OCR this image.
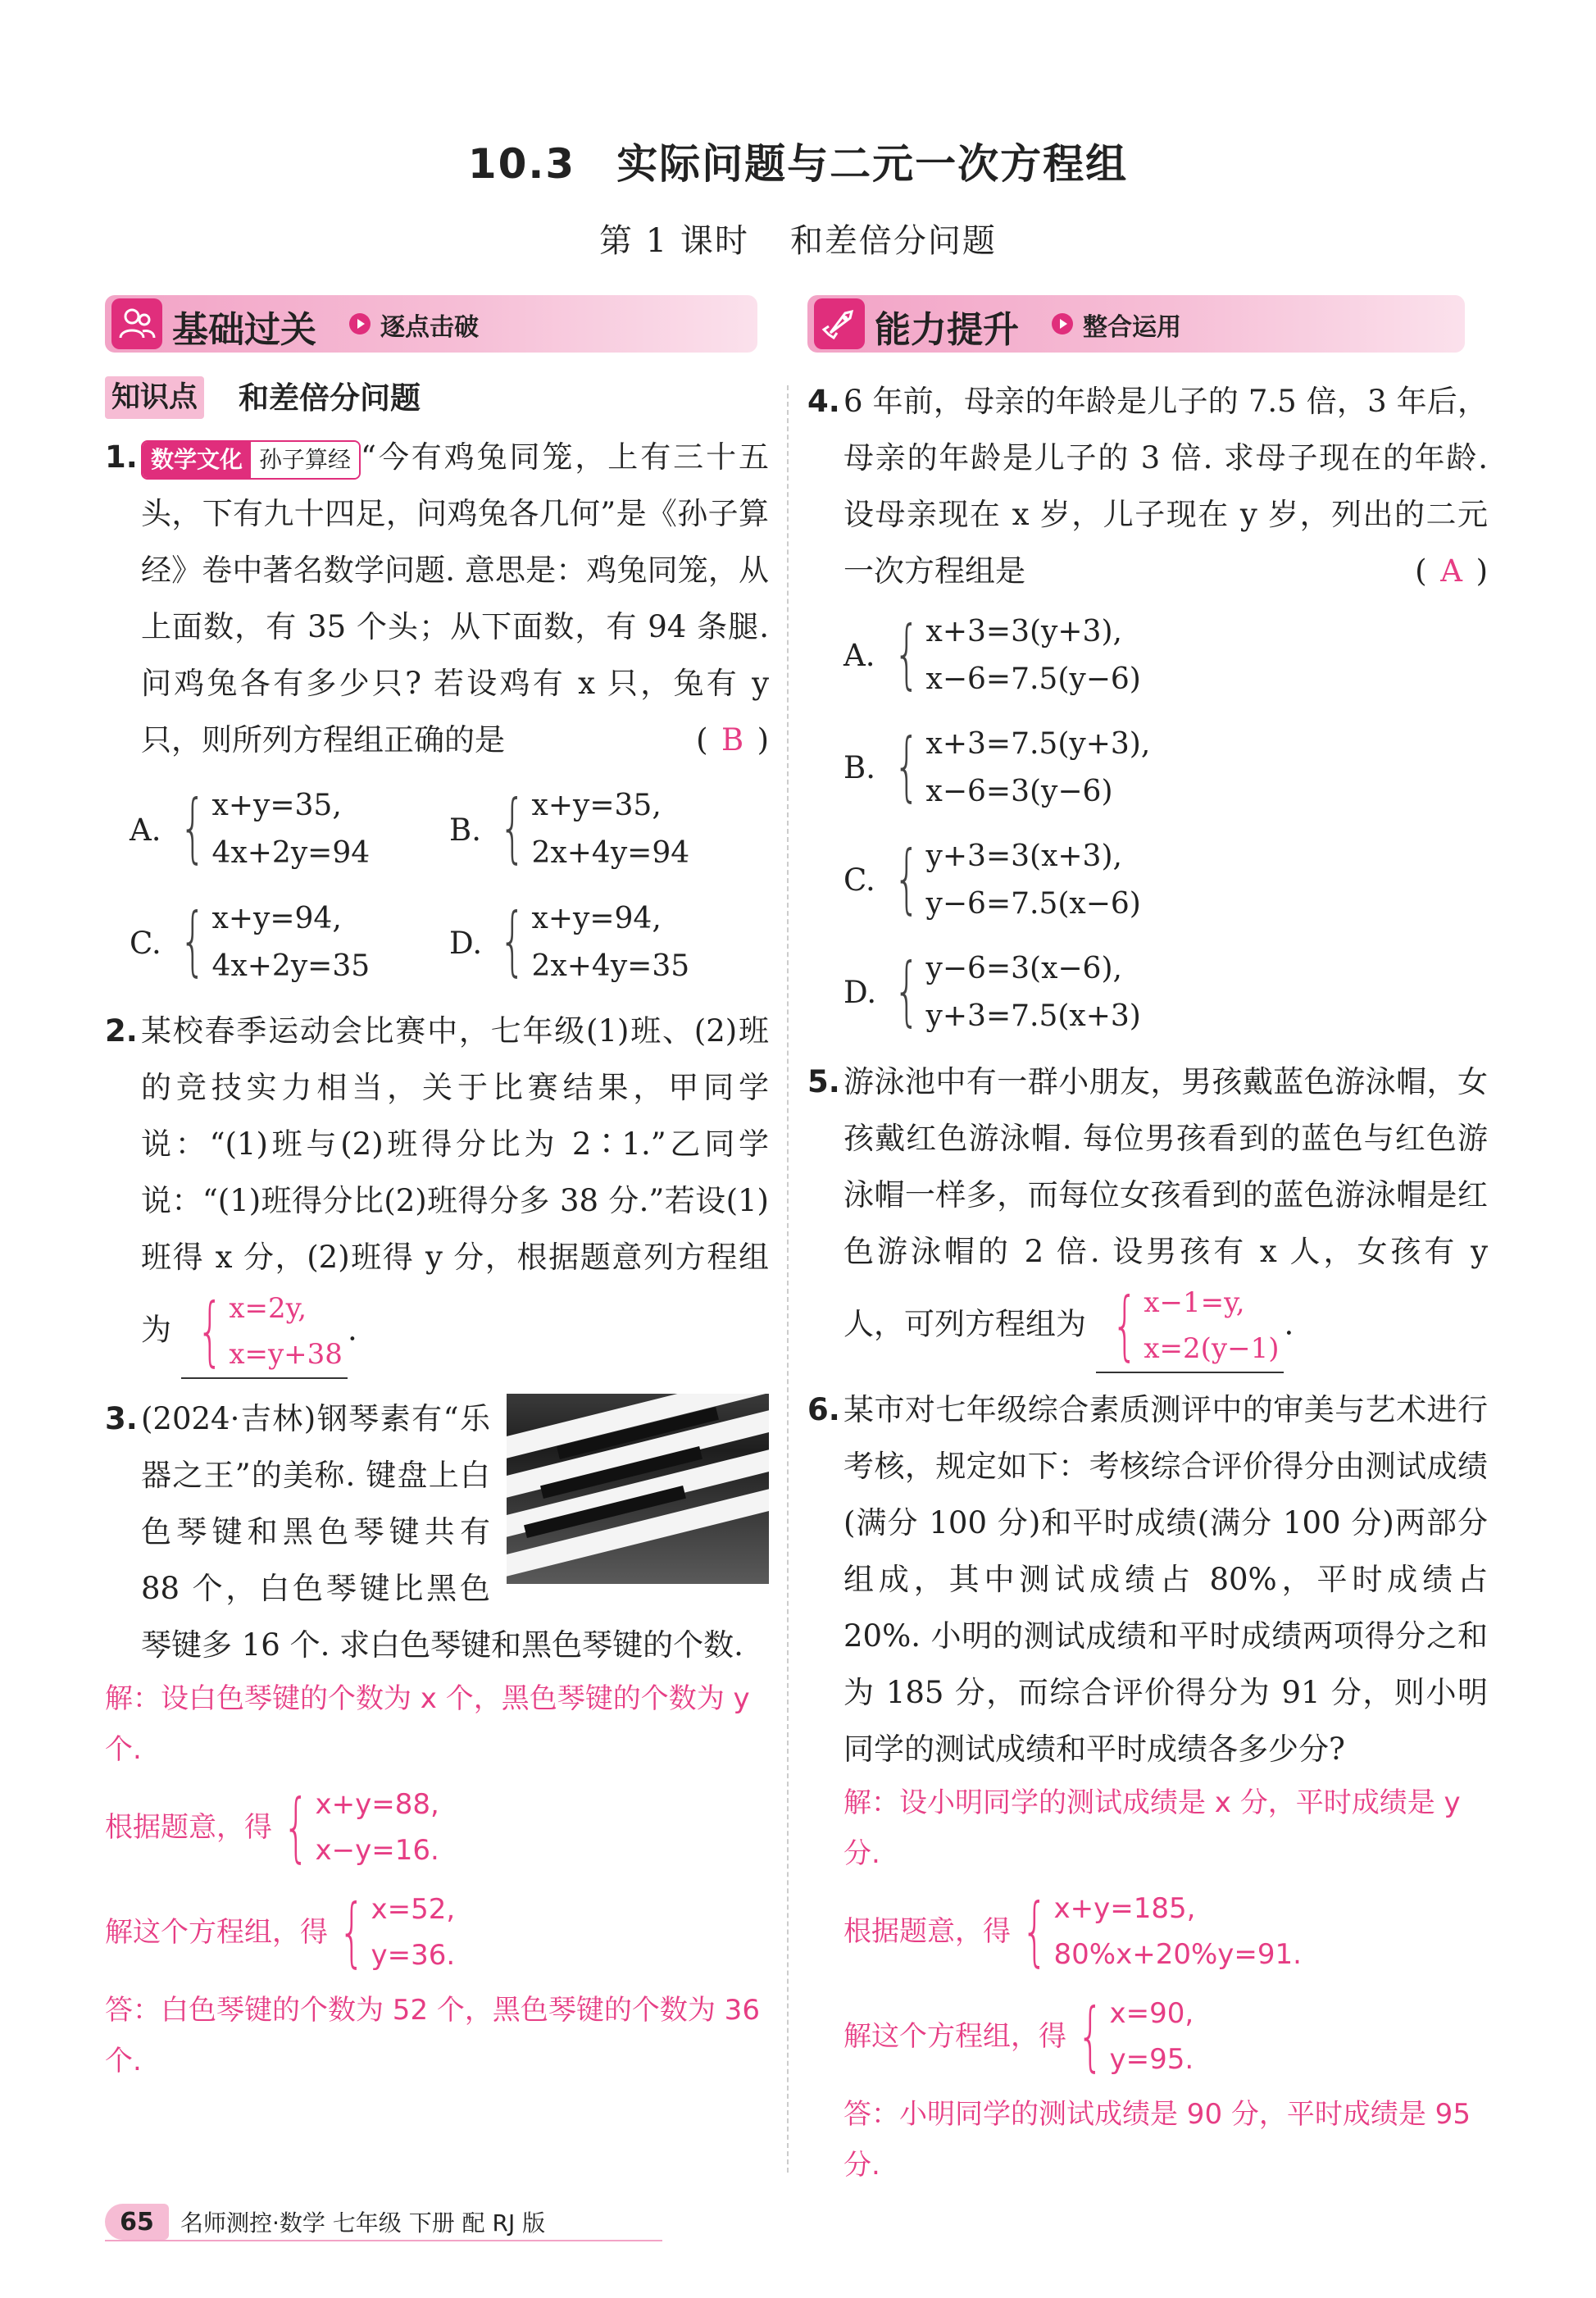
10.3 实际问题与二元一次方程组
第 1 课时 和差倍分问题
基础过关	逐点击破	能力提升	整合运用
知识点 和差倍分问题
1. 数学文化 孙子算经 “今有鸡兔同笼，上有三十五头，下有九十四足，问鸡兔各几何”是《孙子算经》卷中著名数学问题. 意思是：鸡兔同笼，从上面数，有 35 个头；从下面数，有 94 条腿. 问鸡兔各有多少只? 若设鸡有 x 只，兔有 y 只，则所列方程组正确的是	( B )
A. { x+y=35,
4x+2y=94
B. { x+y=35,
2x+4y=94
C. { x+y=94,
4x+2y=35
D. { x+y=94,
2x+4y=35
2. 某校春季运动会比赛中，七年级(1)班、(2)班的竞技实力相当，关于比赛结果，甲同学说：“(1)班与(2)班得分比为 2∶1.”乙同学说：“(1)班得分比(2)班得分多 38 分.”若设(1)班得 x 分，(2)班得 y 分，根据题意列方程组为 { x=2y,
x=y+38
.
3. (2024·吉林)钢琴素有“乐器之王”的美称. 键盘上白色琴键和黑色琴键共有 88 个，白色琴键比黑色琴键多 16 个. 求白色琴键和黑色琴键的个数.
解：设白色琴键的个数为 x 个，黑色琴键的个数为 y 个.
根据题意，得 { x+y=88,
x−y=16.
解这个方程组，得 { x=52,
y=36.
答：白色琴键的个数为 52 个，黑色琴键的个数为 36 个.
4. 6 年前，母亲的年龄是儿子的 7.5 倍，3 年后，母亲的年龄是儿子的 3 倍. 求母子现在的年龄. 设母亲现在 x 岁，儿子现在 y 岁，列出的二元一次方程组是	( A )
A. { x+3=3(y+3),
x−6=7.5(y−6)
B. { x+3=7.5(y+3),
x−6=3(y−6)
C. { y+3=3(x+3),
y−6=7.5(x−6)
D. { y−6=3(x−6),
y+3=7.5(x+3)
5. 游泳池中有一群小朋友，男孩戴蓝色游泳帽，女孩戴红色游泳帽. 每位男孩看到的蓝色与红色游泳帽一样多，而每位女孩看到的蓝色游泳帽是红色游泳帽的 2 倍. 设男孩有 x 人，女孩有 y 人，可列方程组为 { x−1=y,
x=2(y−1)
.
6. 某市对七年级综合素质测评中的审美与艺术进行考核，规定如下：考核综合评价得分由测试成绩(满分 100 分)和平时成绩(满分 100 分)两部分组成，其中测试成绩占 80%，平时成绩占 20%. 小明的测试成绩和平时成绩两项得分之和为 185 分，而综合评价得分为 91 分，则小明同学的测试成绩和平时成绩各多少分?
解：设小明同学的测试成绩是 x 分，平时成绩是 y 分.
根据题意，得 { x+y=185,
80%x+20%y=91.
解这个方程组，得 { x=90,
y=95.
答：小明同学的测试成绩是 90 分，平时成绩是 95 分.
65	名师测控·数学 七年级 下册 配 RJ 版
